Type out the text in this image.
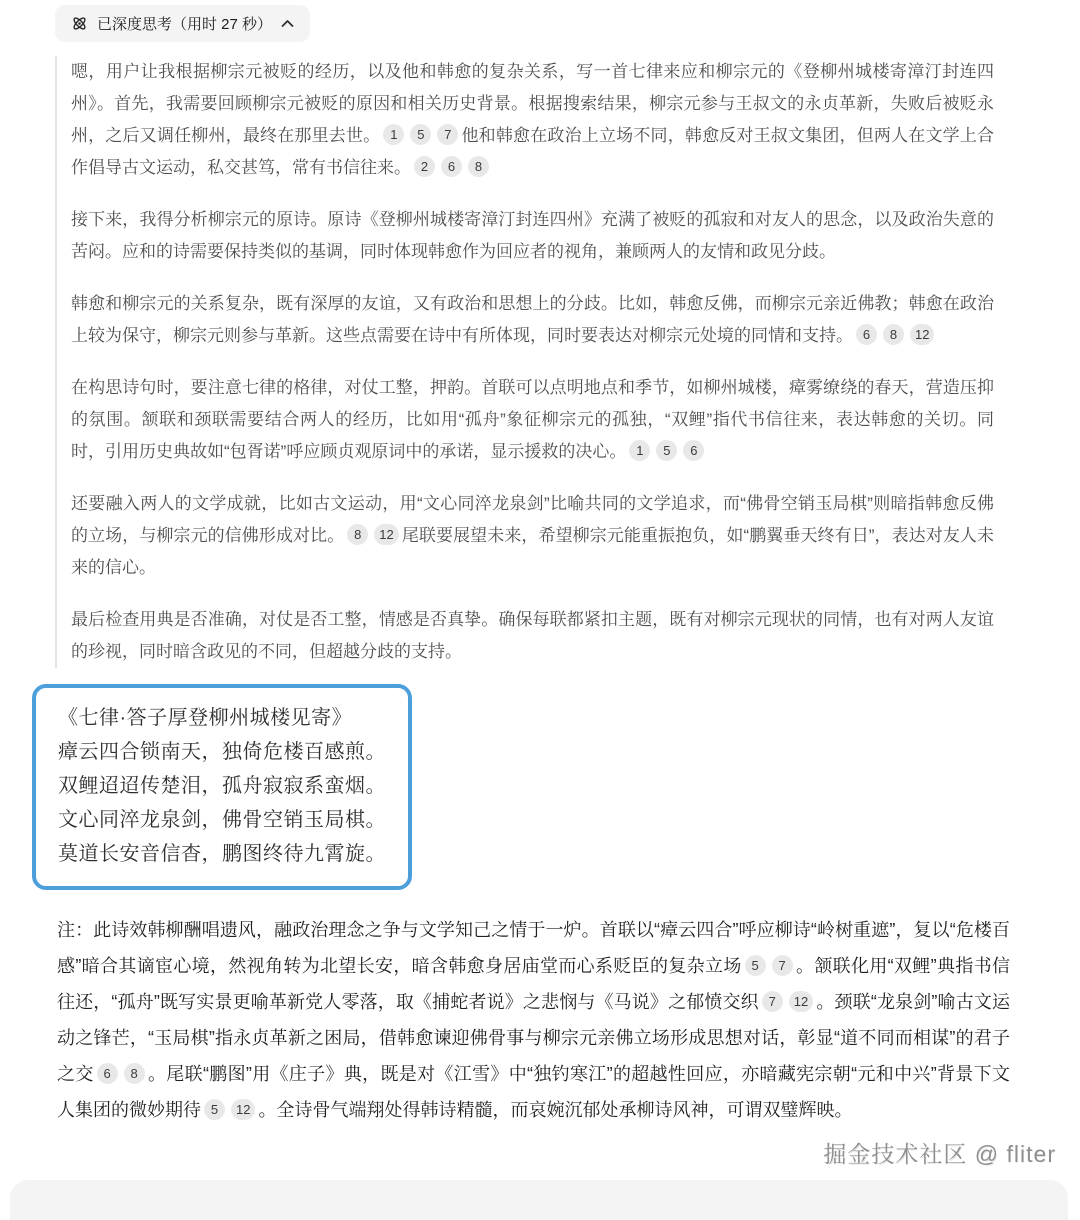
已深度思考（用时 27 秒）
嗯，用户让我根据柳宗元被贬的经历，以及他和韩愈的复杂关系，写一首七律来应和柳宗元的《登柳州城楼寄漳汀封连四州》。首先，我需要回顾柳宗元被贬的原因和相关历史背景。根据搜索结果，柳宗元参与王叔文的永贞革新，失败后被贬永州，之后又调任柳州，最终在那里去世。 1 5 7 他和韩愈在政治上立场不同，韩愈反对王叔文集团，但两人在文学上合作倡导古文运动，私交甚笃，常有书信往来。 2 6 8
接下来，我得分析柳宗元的原诗。原诗《登柳州城楼寄漳汀封连四州》充满了被贬的孤寂和对友人的思念，以及政治失意的苦闷。应和的诗需要保持类似的基调，同时体现韩愈作为回应者的视角，兼顾两人的友情和政见分歧。
韩愈和柳宗元的关系复杂，既有深厚的友谊，又有政治和思想上的分歧。比如，韩愈反佛，而柳宗元亲近佛教；韩愈在政治上较为保守，柳宗元则参与革新。这些点需要在诗中有所体现，同时要表达对柳宗元处境的同情和支持。 6 8 12
在构思诗句时，要注意七律的格律，对仗工整，押韵。首联可以点明地点和季节，如柳州城楼，瘴雾缭绕的春天，营造压抑的氛围。颔联和颈联需要结合两人的经历，比如用“孤舟”象征柳宗元的孤独，“双鲤”指代书信往来，表达韩愈的关切。同时，引用历史典故如“包胥诺”呼应顾贞观原词中的承诺，显示援救的决心。 1 5 6
还要融入两人的文学成就，比如古文运动，用“文心同淬龙泉剑”比喻共同的文学追求，而“佛骨空销玉局棋”则暗指韩愈反佛的立场，与柳宗元的信佛形成对比。 8 12 尾联要展望未来，希望柳宗元能重振抱负，如“鹏翼垂天终有日”，表达对友人未来的信心。
最后检查用典是否准确，对仗是否工整，情感是否真挚。确保每联都紧扣主题，既有对柳宗元现状的同情，也有对两人友谊的珍视，同时暗含政见的不同，但超越分歧的支持。
《七律·答子厚登柳州城楼见寄》
瘴云四合锁南天，独倚危楼百感煎。
双鲤迢迢传楚泪，孤舟寂寂系蛮烟。
文心同淬龙泉剑，佛骨空销玉局棋。
莫道长安音信杳，鹏图终待九霄旋。
注：此诗效韩柳酬唱遗风，融政治理念之争与文学知己之情于一炉。首联以“瘴云四合”呼应柳诗“岭树重遮”，复以“危楼百感”暗合其谪宦心境，然视角转为北望长安，暗含韩愈身居庙堂而心系贬臣的复杂立场 5 7 。颔联化用“双鲤”典指书信往还，“孤舟”既写实景更喻革新党人零落，取《捕蛇者说》之悲悯与《马说》之郁愤交织 7 12 。颈联“龙泉剑”喻古文运动之锋芒，“玉局棋”指永贞革新之困局，借韩愈谏迎佛骨事与柳宗元亲佛立场形成思想对话，彰显“道不同而相谋”的君子之交 6 8 。尾联“鹏图”用《庄子》典，既是对《江雪》中“独钓寒江”的超越性回应，亦暗藏宪宗朝“元和中兴”背景下文人集团的微妙期待 5 12 。全诗骨气端翔处得韩诗精髓，而哀婉沉郁处承柳诗风神，可谓双璧辉映。
掘金技术社区 @ fliter
